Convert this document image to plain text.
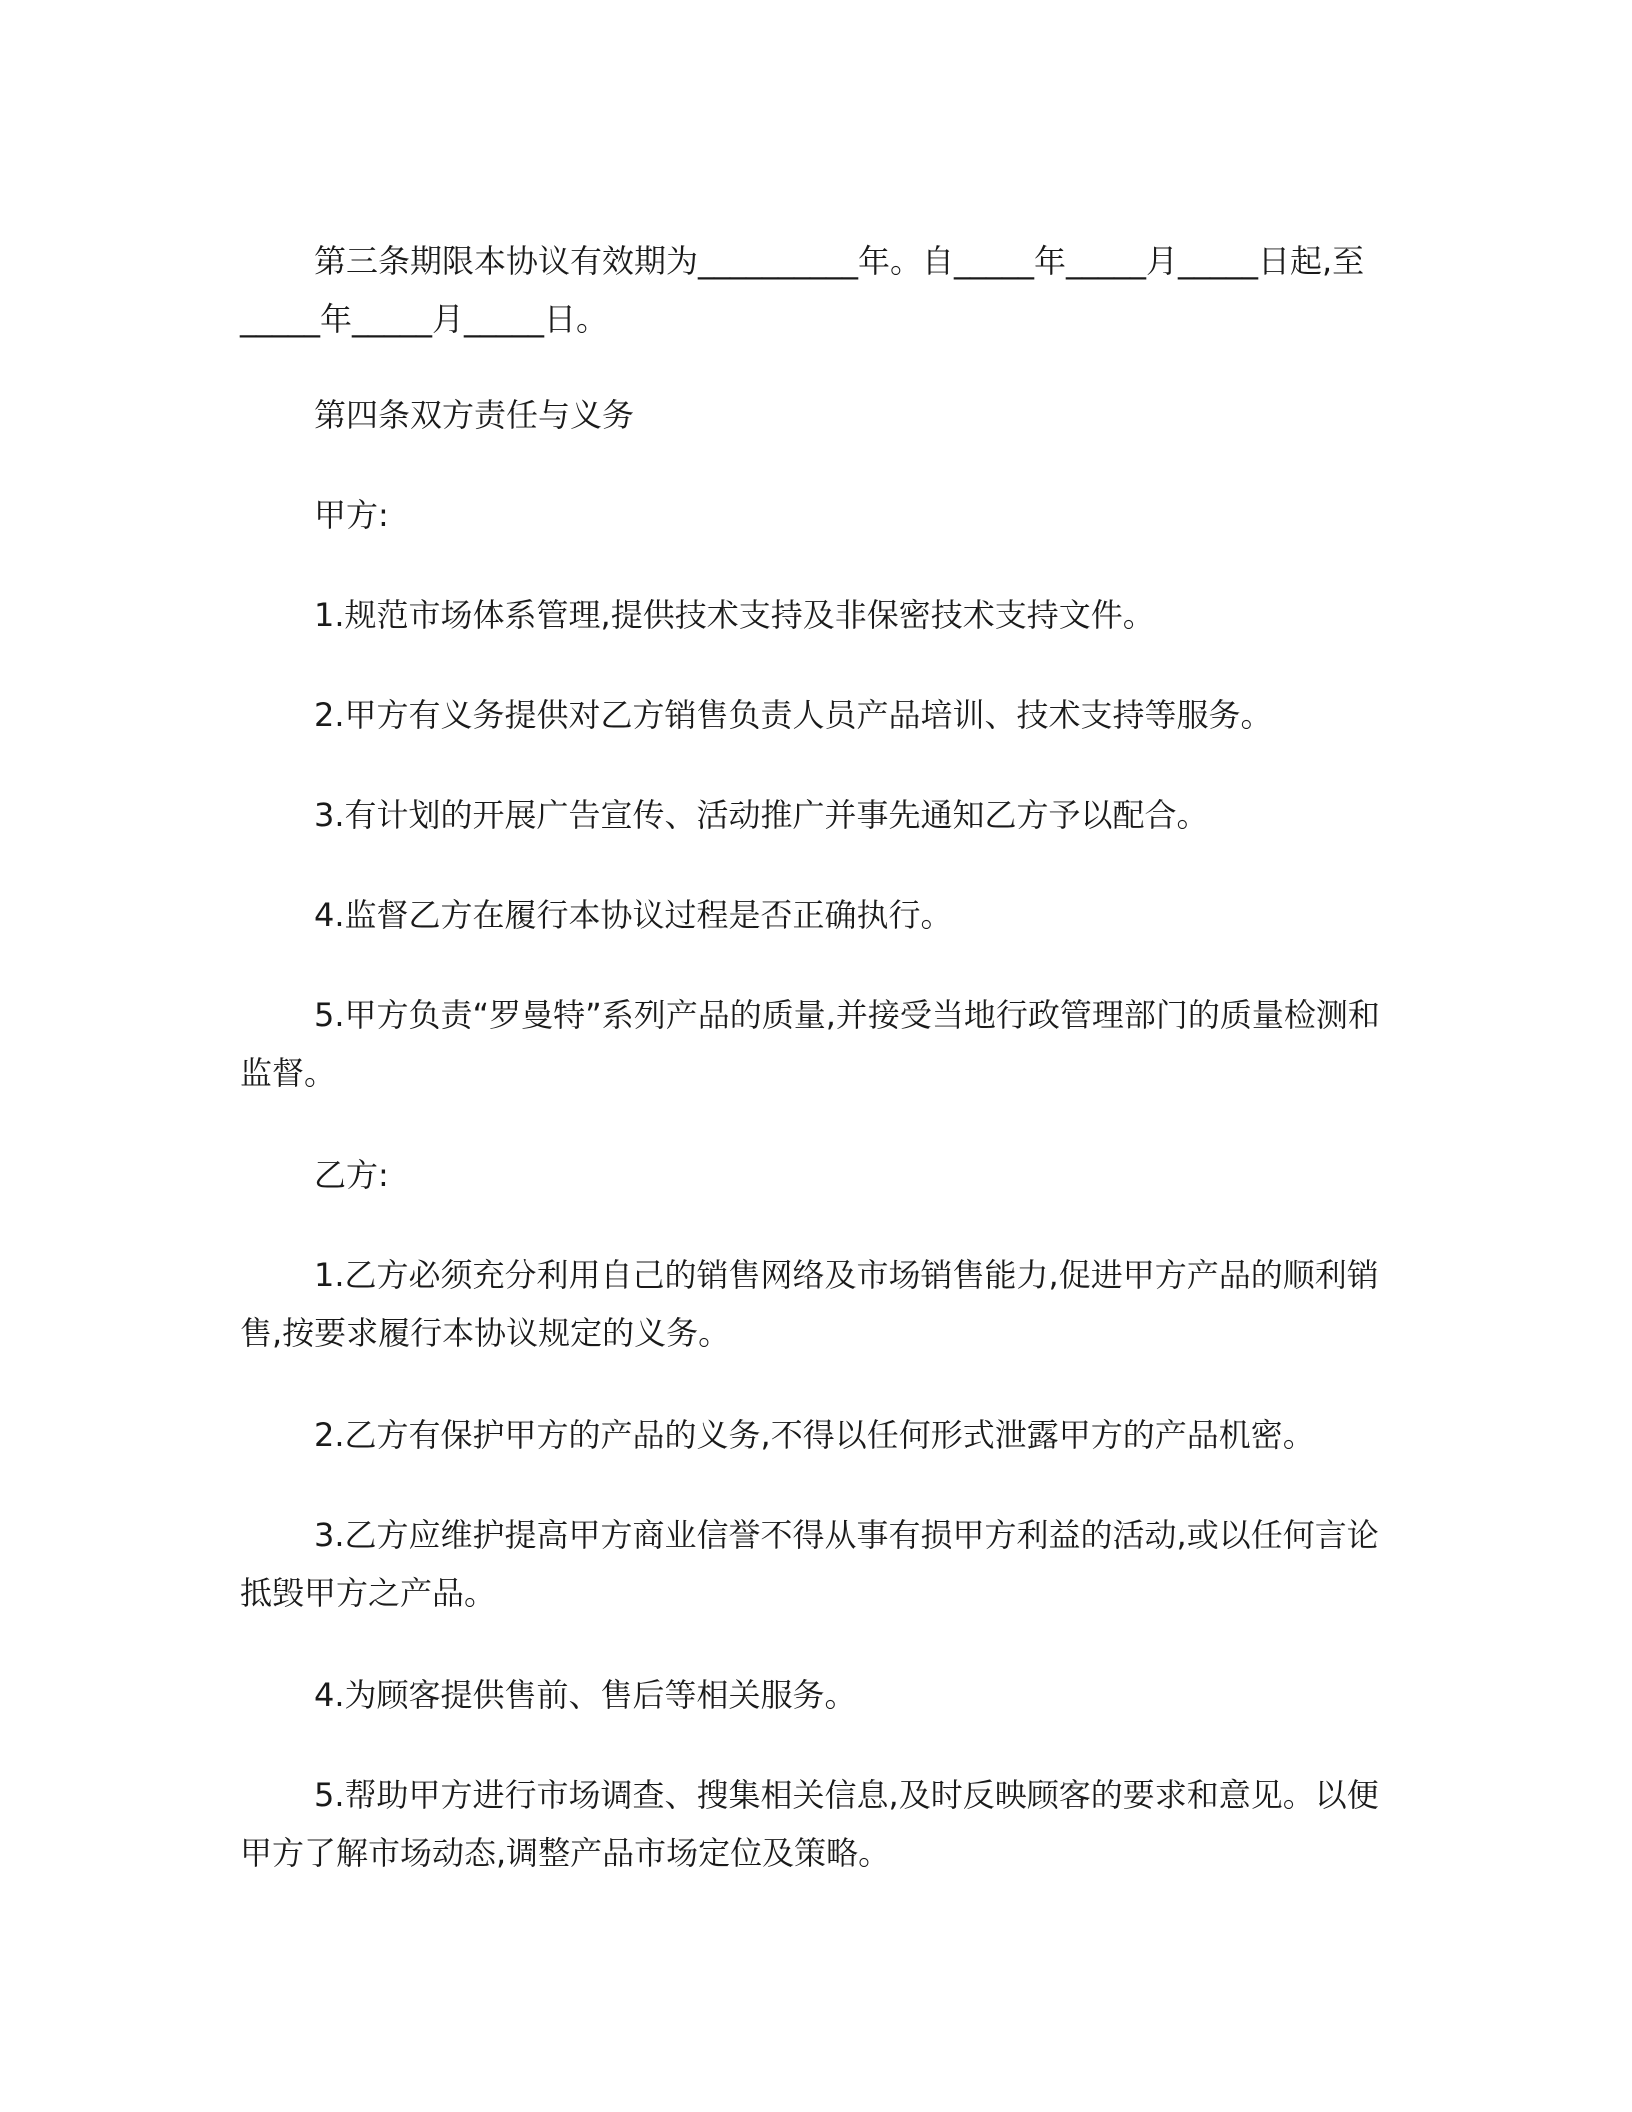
第三条期限本协议有效期为__________年。自_____年_____月_____日起,至_____年_____月_____日。

第四条双方责任与义务

甲方:

1.规范市场体系管理,提供技术支持及非保密技术支持文件。

2.甲方有义务提供对乙方销售负责人员产品培训、技术支持等服务。

3.有计划的开展广告宣传、活动推广并事先通知乙方予以配合。

4.监督乙方在履行本协议过程是否正确执行。

5.甲方负责“罗曼特”系列产品的质量,并接受当地行政管理部门的质量检测和监督。

乙方:

1.乙方必须充分利用自己的销售网络及市场销售能力,促进甲方产品的顺利销售,按要求履行本协议规定的义务。

2.乙方有保护甲方的产品的义务,不得以任何形式泄露甲方的产品机密。

3.乙方应维护提高甲方商业信誉不得从事有损甲方利益的活动,或以任何言论抵毁甲方之产品。

4.为顾客提供售前、售后等相关服务。

5.帮助甲方进行市场调查、搜集相关信息,及时反映顾客的要求和意见。以便甲方了解市场动态,调整产品市场定位及策略。
